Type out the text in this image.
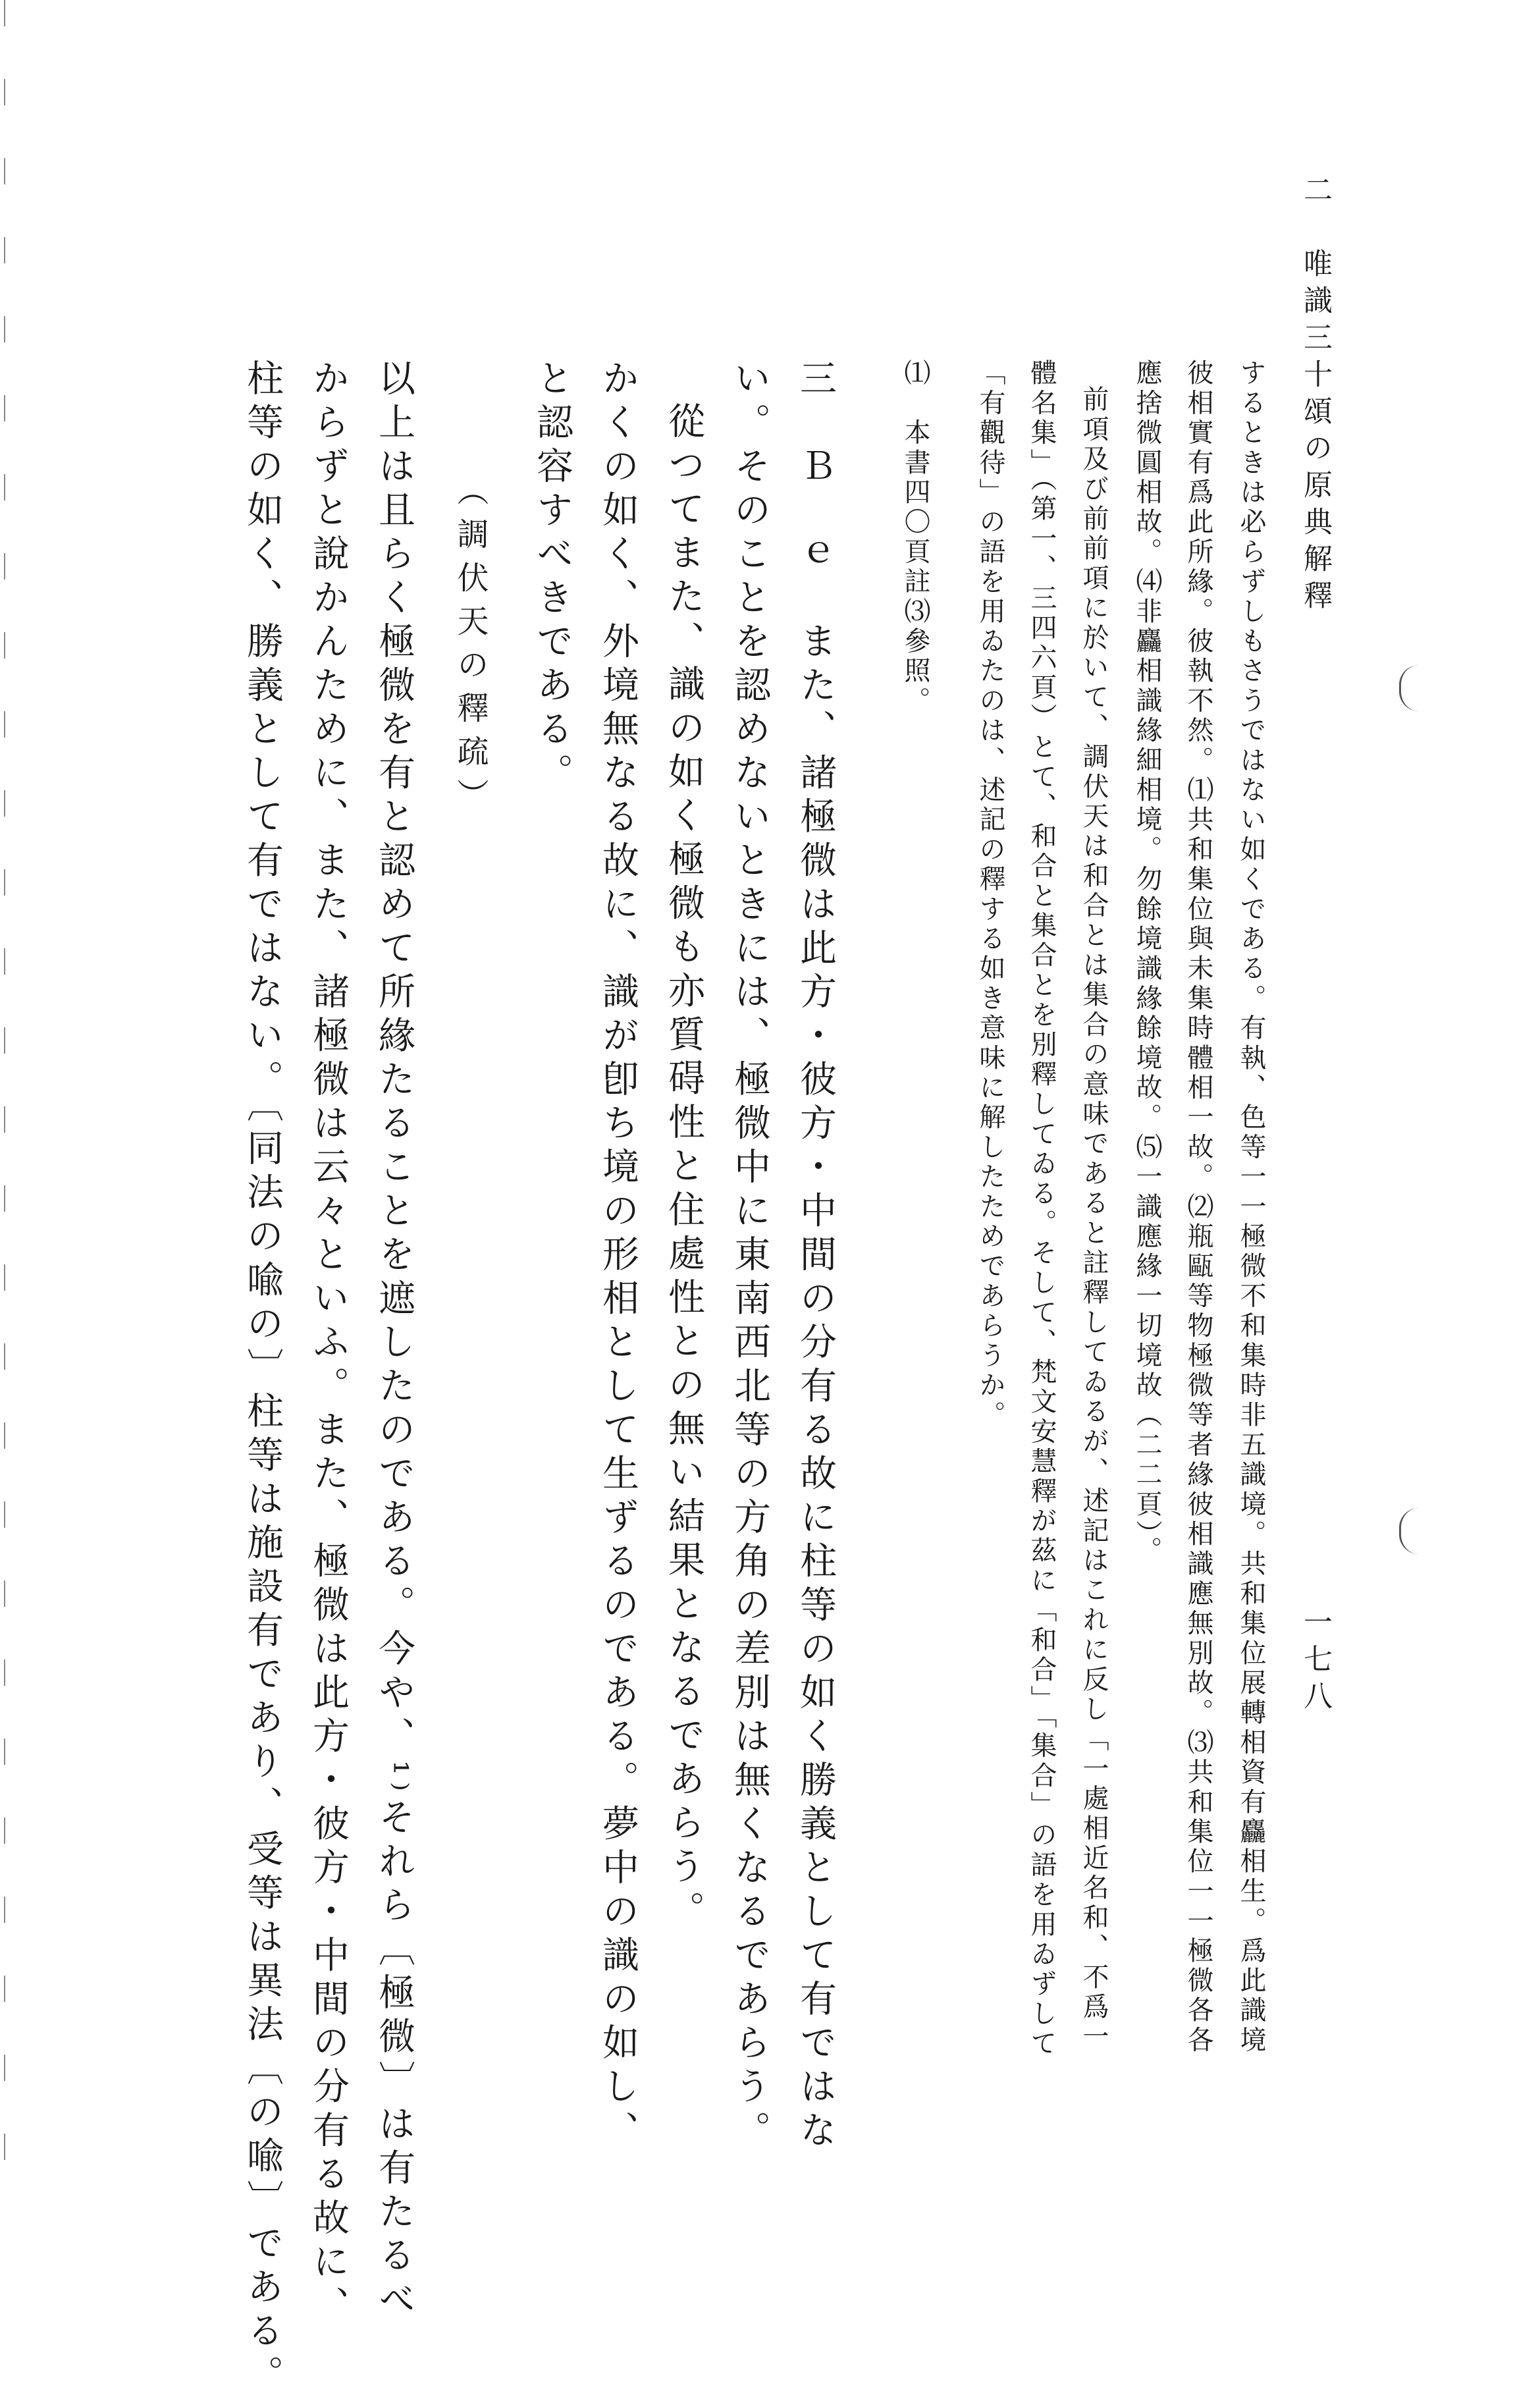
二　唯識三十頌の原典解釋
一七八
するときは必らずしもさうではない如くである。有執、色等一一極微不和集時非五識境。共和集位展轉相資有麤相生。爲此識境
彼相實有爲此所緣。彼執不然。⑴共和集位與未集時體相一故。⑵瓶甌等物極微等者緣彼相識應無別故。⑶共和集位一一極微各各
應捨微圓相故。⑷非麤相識緣細相境。勿餘境識緣餘境故。⑸一識應緣一切境故（二二頁）。
前項及び前前項に於いて、調伏天は和合とは集合の意味であると註釋してゐるが、述記はこれに反し「一處相近名和、不爲一
體名集」（第一、三四六頁）とて、和合と集合とを別釋してゐる。そして、梵文安慧釋が茲に「和合」「集合」の語を用ゐずして
「有觀待」の語を用ゐたのは、述記の釋する如き意味に解したためであらうか。
⑴　本書四〇頁註⑶參照。
三　Ｂ　ｅ　また、諸極微は此方・彼方・中間の分有る故に柱等の如く勝義として有ではな
い。そのことを認めないときには、極微中に東南西北等の方角の差別は無くなるであらう。
從つてまた、識の如く極微も亦質碍性と住處性との無い結果となるであらう。
かくの如く、外境無なる故に、識が卽ち境の形相として生ずるのである。夢中の識の如し、
と認容すべきである。
（調伏天の釋疏）
以上は且らく極微を有と認めて所緣たることを遮したのである。今や、¹⁾それら〔極微〕は有たるべ
からずと說かんために、また、諸極微は云々といふ。また、極微は此方・彼方・中間の分有る故に、
柱等の如く、勝義として有ではない。〔同法の喩の〕柱等は施設有であり、受等は異法〔の喩〕である。
